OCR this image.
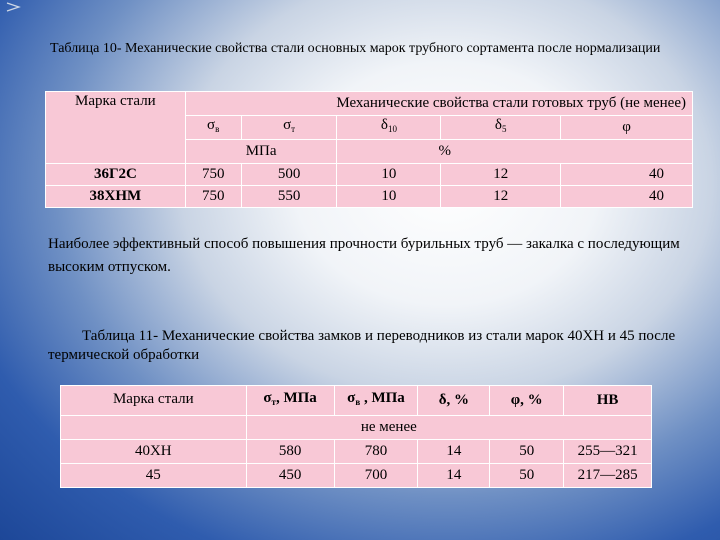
Таблица 10- Механические свойства стали основных марок трубного сортамента после нормализации
Марка стали	Механические свойства стали готовых труб (не менее)				
	$\sigma_в$	$\sigma_т$	$\delta_{10}$	$\delta_5$	φ
	МПа		%		
36Г2С	750	500	10	12	40
38ХНМ	750	550	10	12	40
Наиболее эффективный способ повышения прочности бурильных труб — закалка с последующим высоким отпуском.
Таблица 11- Механические свойства замков и переводников из стали марок 40ХН и 45 после термической обработки
Марка стали	$\sigma_т$, МПа	$\sigma_в$ , МПа	δ, %	φ, %	НВ
	не менее				
40ХН	580	780	14	50	255—321
45	450	700	14	50	217—285
